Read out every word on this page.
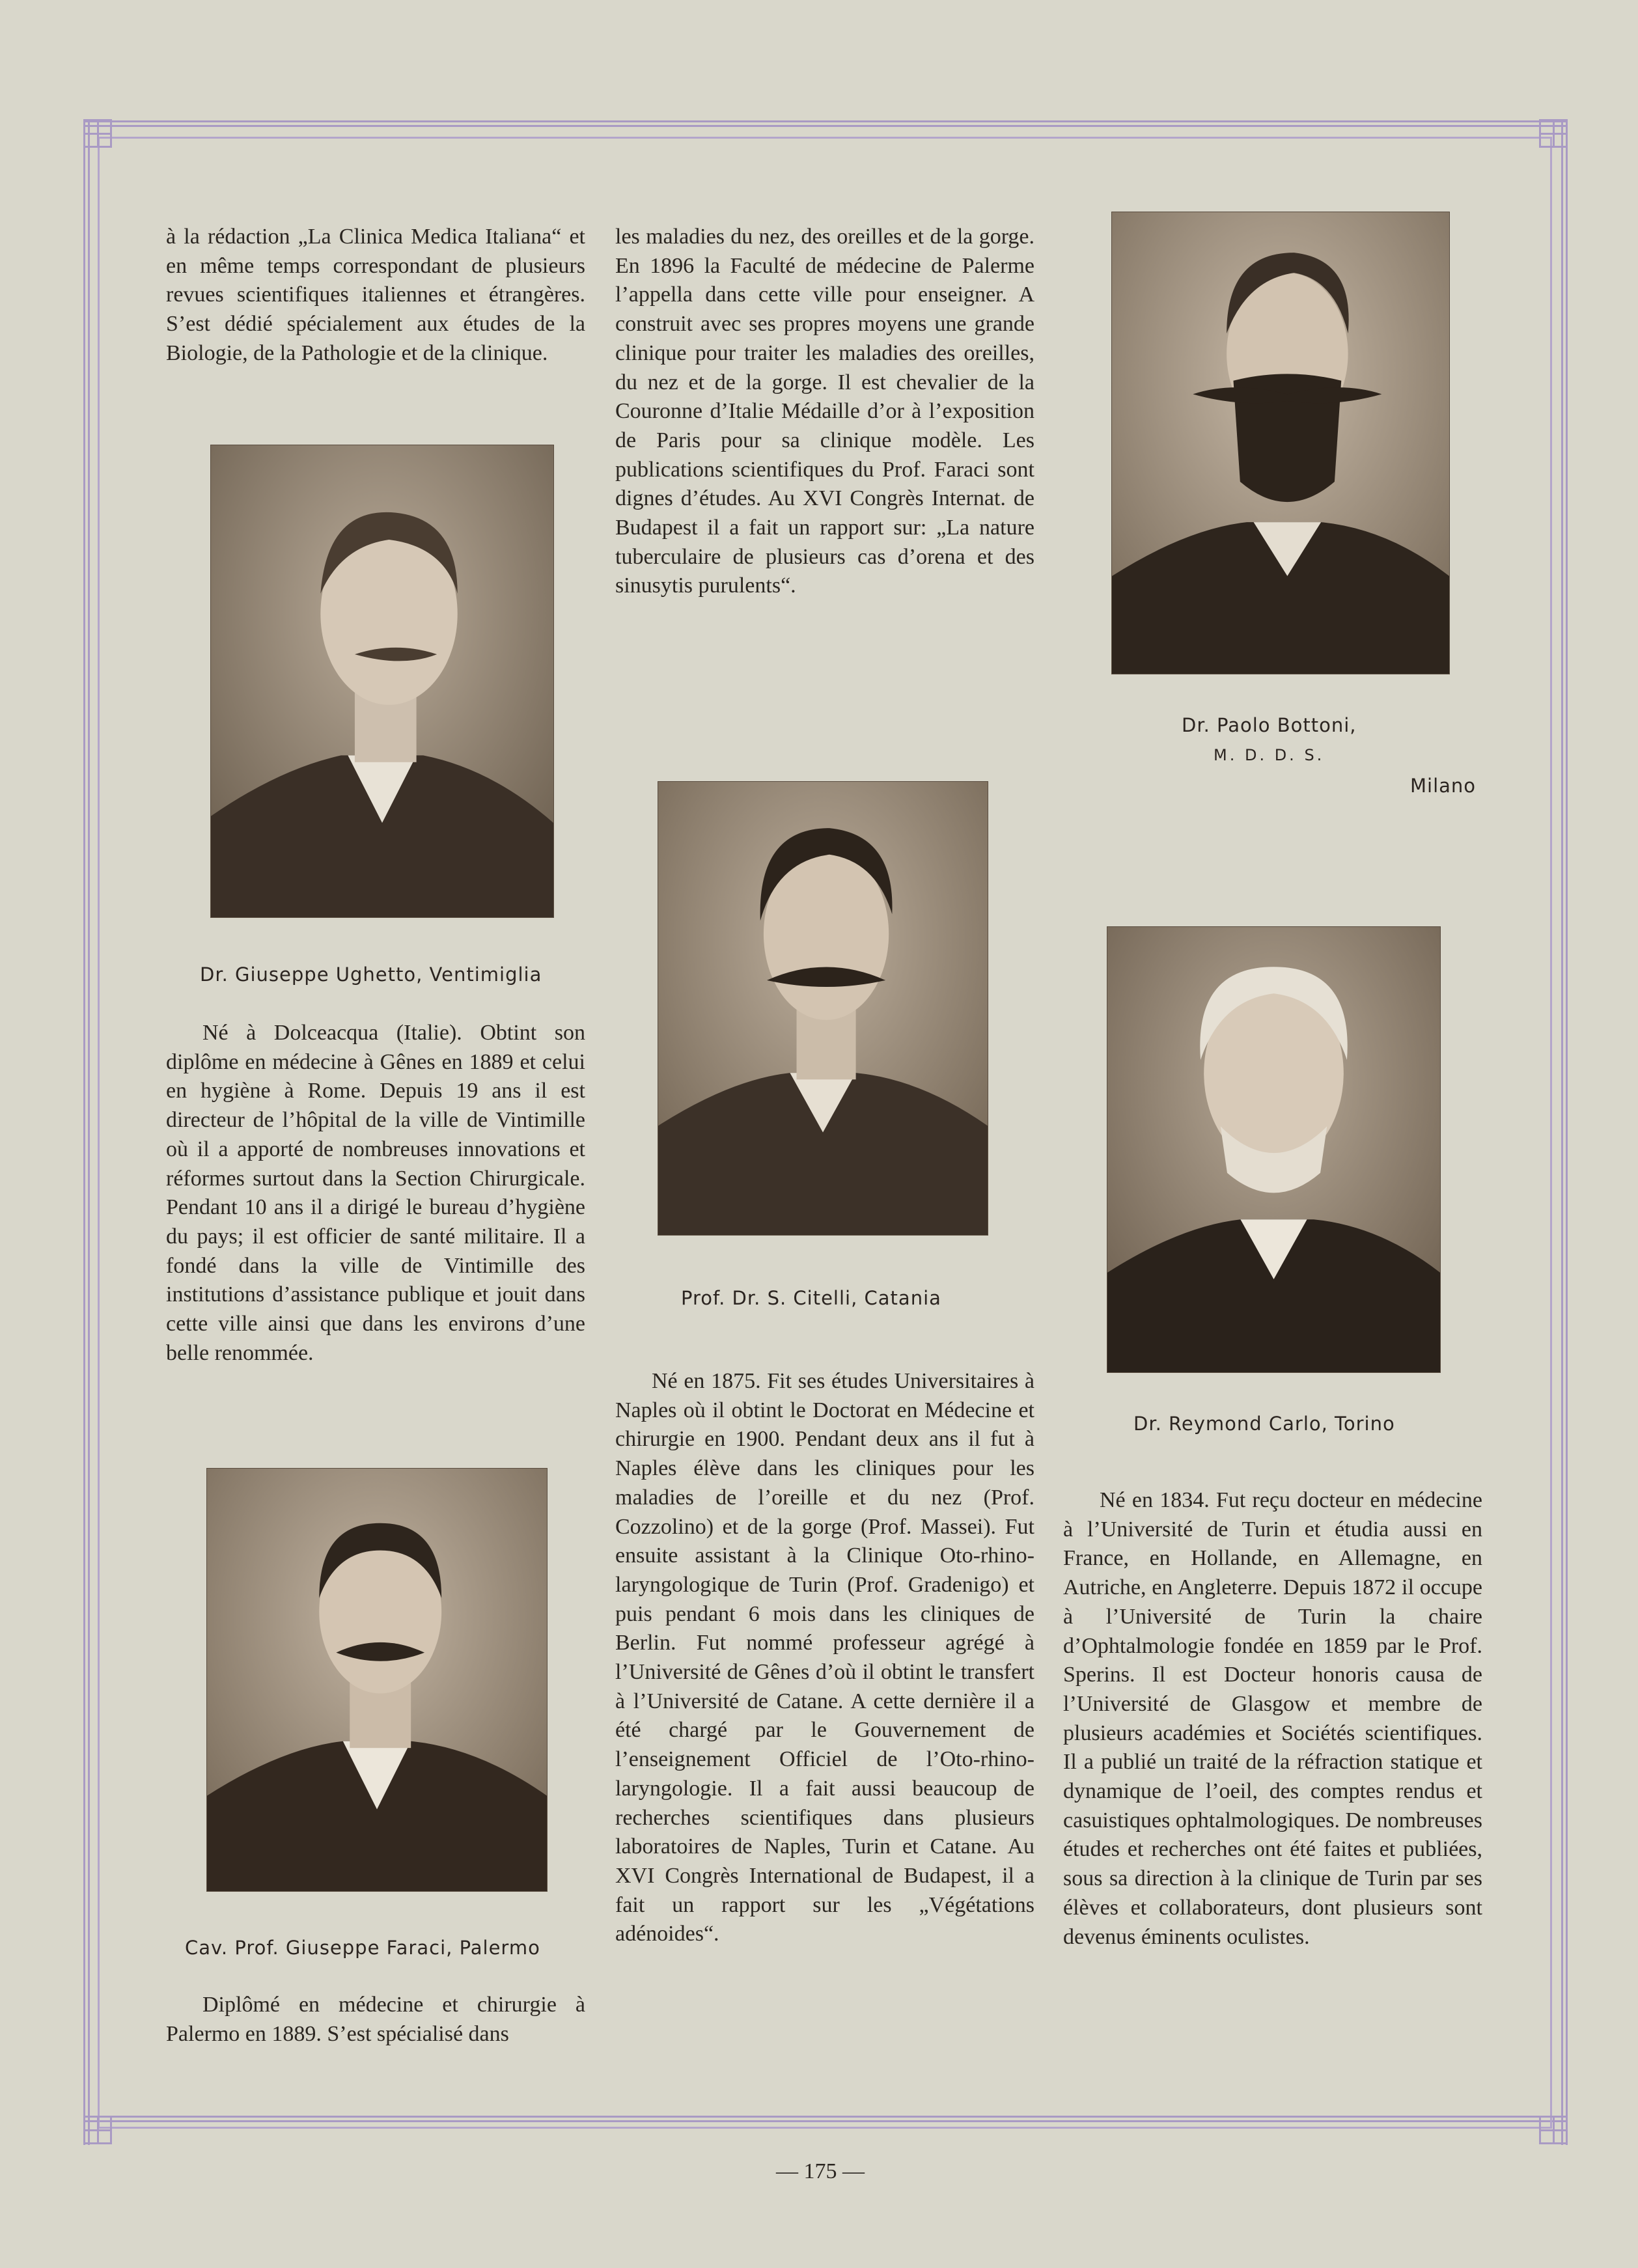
à la rédaction „La Clinica Medica Italiana“ et en même temps correspondant de plusieurs revues scientifiques italiennes et étrangères. S’est dédié spécialement aux études de la Biologie, de la Pathologie et de la clinique.

Dr. Giuseppe Ughetto, Ventimiglia

Né à Dolceacqua (Italie). Obtint son diplôme en médecine à Gênes en 1889 et celui en hygiène à Rome. Depuis 19 ans il est directeur de l’hôpital de la ville de Vintimille où il a apporté de nombreuses innovations et réformes surtout dans la Section Chirurgicale. Pendant 10 ans il a dirigé le bureau d’hygiène du pays; il est officier de santé militaire. Il a fondé dans la ville de Vintimille des institutions d’assistance publique et jouit dans cette ville ainsi que dans les environs d’une belle renommée.

Cav. Prof. Giuseppe Faraci, Palermo

Diplômé en médecine et chirurgie à Palermo en 1889. S’est spécialisé dans

les maladies du nez, des oreilles et de la gorge. En 1896 la Faculté de médecine de Palerme l’appella dans cette ville pour enseigner. A construit avec ses propres moyens une grande clinique pour traiter les maladies des oreilles, du nez et de la gorge. Il est chevalier de la Couronne d’Italie Médaille d’or à l’exposition de Paris pour sa clinique modèle. Les publications scientifiques du Prof. Faraci sont dignes d’études. Au XVI Congrès Internat. de Budapest il a fait un rapport sur: „La nature tuberculaire de plusieurs cas d’orena et des sinusytis purulents“.

Prof. Dr. S. Citelli, Catania

Né en 1875. Fit ses études Universitaires à Naples où il obtint le Doctorat en Médecine et chirurgie en 1900. Pendant deux ans il fut à Naples élève dans les cliniques pour les maladies de l’oreille et du nez (Prof. Cozzolino) et de la gorge (Prof. Massei). Fut ensuite assistant à la Clinique Oto-rhino-laryngologique de Turin (Prof. Gradenigo) et puis pendant 6 mois dans les cliniques de Berlin. Fut nommé professeur agrégé à l’Université de Gênes d’où il obtint le transfert à l’Université de Catane. A cette dernière il a été chargé par le Gouvernement de l’enseignement Officiel de l’Oto-rhino-laryngologie. Il a fait aussi beaucoup de recherches scientifiques dans plusieurs laboratoires de Naples, Turin et Catane. Au XVI Congrès International de Budapest, il a fait un rapport sur les „Végétations adénoides“.

Dr. Paolo Bottoni,
M. D. D. S.
Milano
Dr. Reymond Carlo, Torino

Né en 1834. Fut reçu docteur en médecine à l’Université de Turin et étudia aussi en France, en Hollande, en Allemagne, en Autriche, en Angleterre. Depuis 1872 il occupe à l’Université de Turin la chaire d’Ophtalmologie fondée en 1859 par le Prof. Sperins. Il est Docteur honoris causa de l’Université de Glasgow et membre de plusieurs académies et Sociétés scientifiques. Il a publié un traité de la réfraction statique et dynamique de l’oeil, des comptes rendus et casuistiques ophtalmologiques. De nombreuses études et recherches ont été faites et publiées, sous sa direction à la clinique de Turin par ses élèves et collaborateurs, dont plusieurs sont devenus éminents oculistes.

— 175 —
